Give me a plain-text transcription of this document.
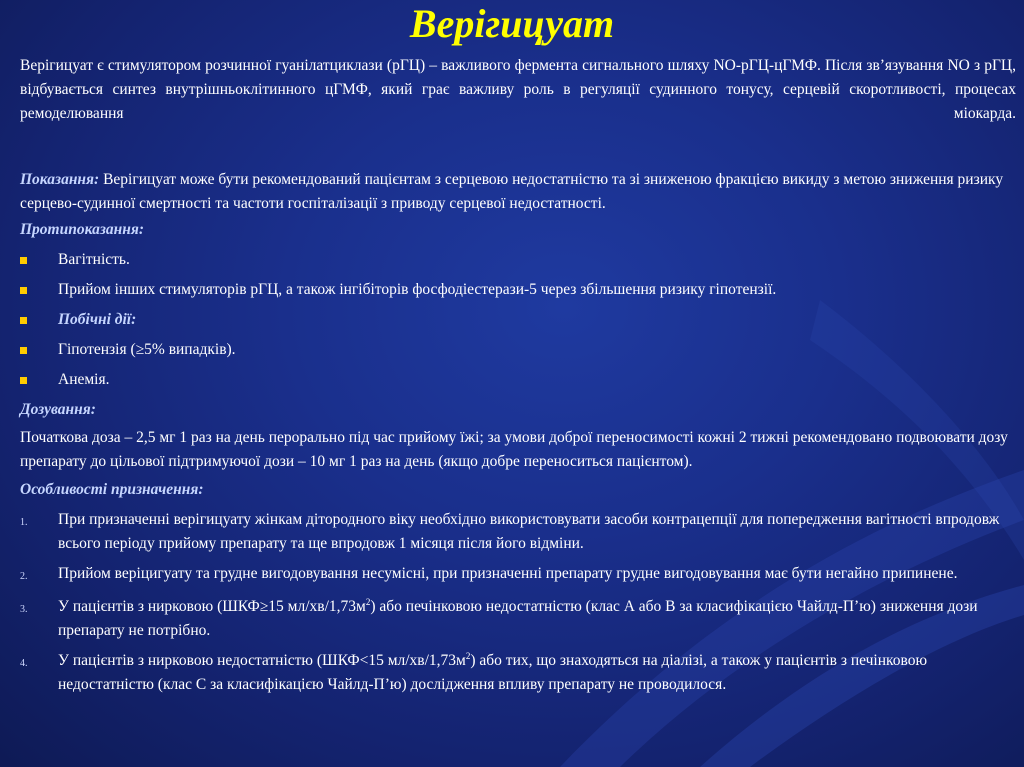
Верігицуат

Верігицуат є стимулятором розчинної гуанілатциклази (рГЦ) – важливого фермента сигнального шляху NO-рГЦ-цГМФ. Після зв’язування NO з рГЦ, відбувається синтез внутрішньоклітинного цГМФ, який грає важливу роль в регуляції судинного тонусу, серцевій скоротливості, процесах ремоделювання міокарда.

Показання: Верігицуат може бути рекомендований пацієнтам з серцевою недостатністю та зі зниженою фракцією викиду з метою зниження ризику серцево-судинної смертності та частоти госпіталізації з приводу серцевої недостатності.
Протипоказання:
Вагітність.
Прийом інших стимуляторів рГЦ, а також інгібіторів фосфодіестерази-5 через збільшення ризику гіпотензії.
Побічні дії:
Гіпотензія (≥5% випадків).
Анемія.
Дозування:
Початкова доза – 2,5 мг 1 раз на день перорально під час прийому їжі; за умови доброї переносимості кожні 2 тижні рекомендовано подвоювати дозу препарату до цільової підтримуючої дози – 10 мг 1 раз на день (якщо добре переноситься пацієнтом).
Особливості призначення:
1.	При призначенні верігицуату жінкам дітородного віку необхідно використовувати засоби контрацепції для попередження вагітності впродовж всього періоду прийому препарату та ще впродовж 1 місяця після його відміни.
2.	Прийом веріцигуату та грудне вигодовування несумісні, при призначенні препарату грудне вигодовування має бути негайно припинене.
3.	У пацієнтів з нирковою (ШКФ≥15 $мл/хв/1,73м^2$) або печінковою недостатністю (клас А або В за класифікацією Чайлд-П’ю) зниження дози препарату не потрібно.
4.	У пацієнтів з нирковою недостатністю (ШКФ<15 $мл/хв/1,73м^2$) або тих, що знаходяться на діалізі, а також у пацієнтів з печінковою недостатністю (клас С за класифікацією Чайлд-П’ю) дослідження впливу препарату не проводилося.
